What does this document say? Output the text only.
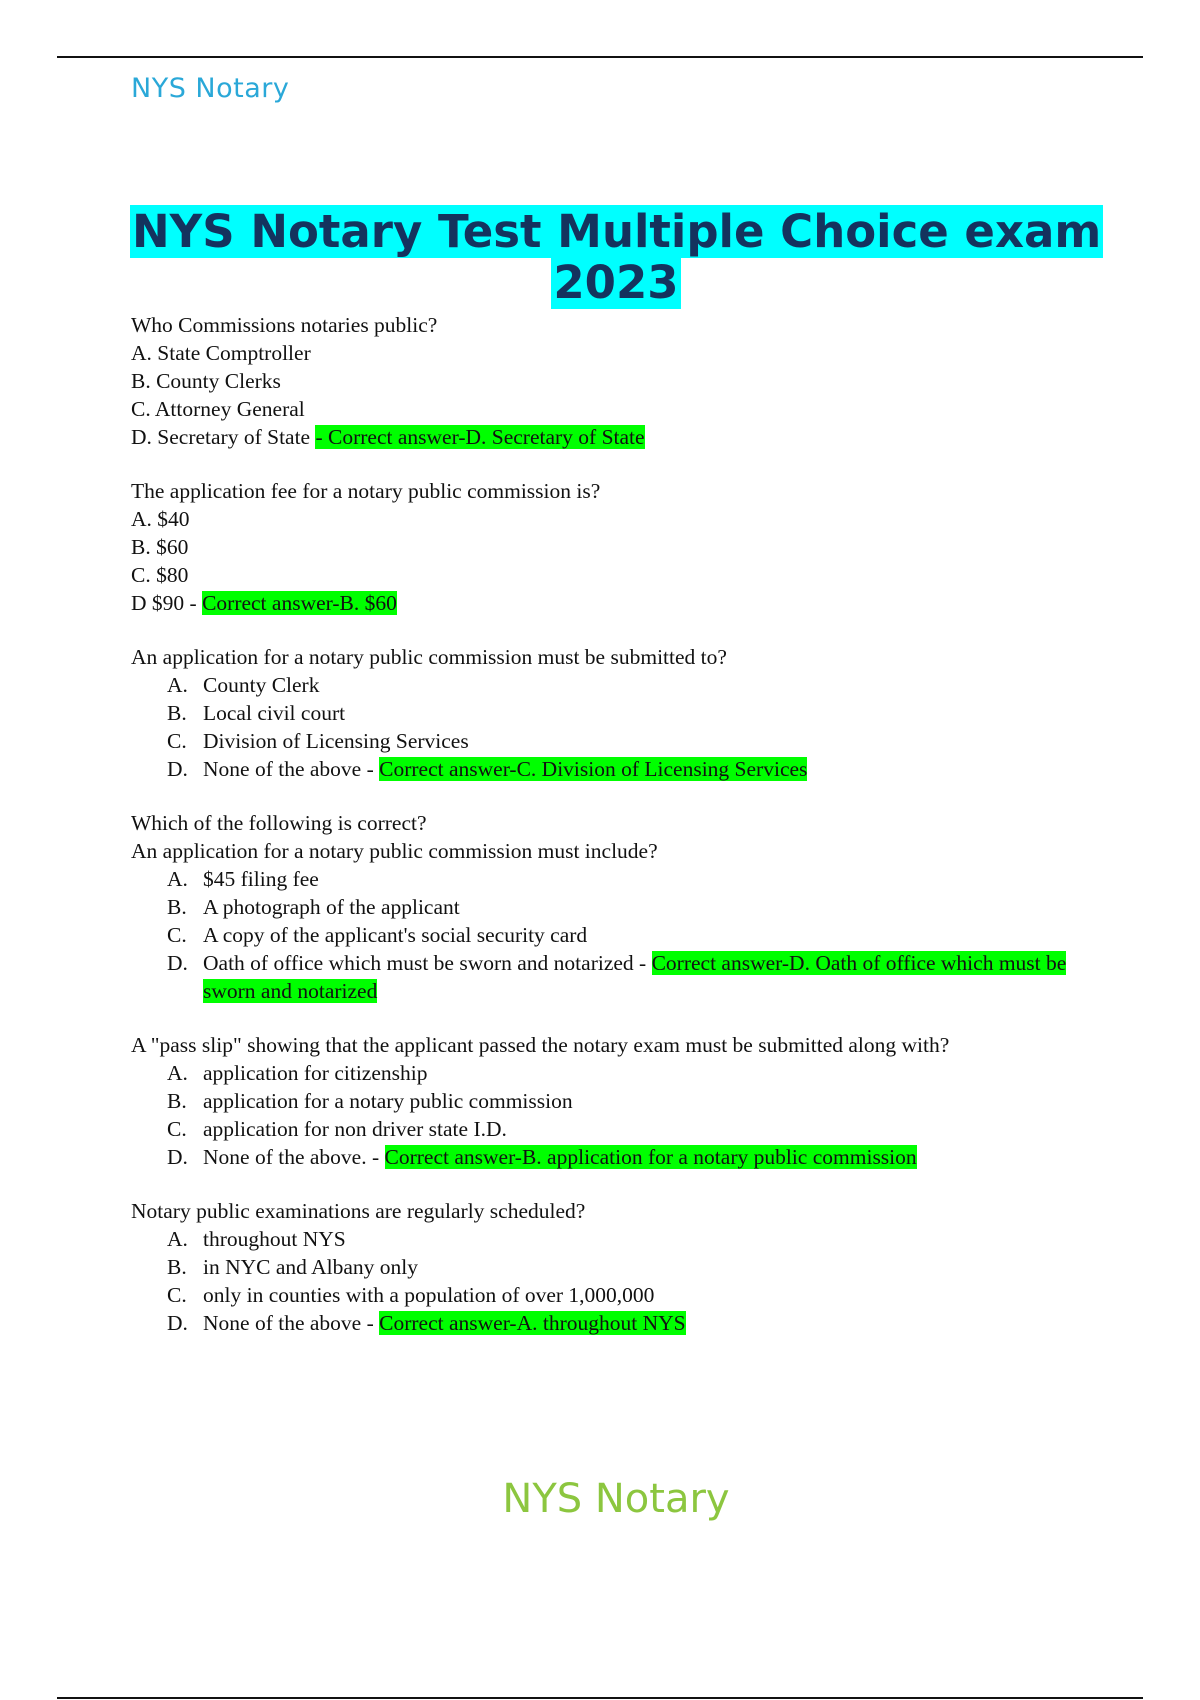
NYS Notary
NYS Notary Test Multiple Choice exam 2023
Who Commissions notaries public?
A. State Comptroller
B. County Clerks
C. Attorney General
D. Secretary of State - Correct answer-D. Secretary of State
The application fee for a notary public commission is?
A. $40
B. $60
C. $80
D $90 - Correct answer-B. $60
An application for a notary public commission must be submitted to?
A. County Clerk
B. Local civil court
C. Division of Licensing Services
D. None of the above - Correct answer-C. Division of Licensing Services
Which of the following is correct?
An application for a notary public commission must include?
A. $45 filing fee
B. A photograph of the applicant
C. A copy of the applicant's social security card
D. Oath of office which must be sworn and notarized - Correct answer-D. Oath of office which must be sworn and notarized
A "pass slip" showing that the applicant passed the notary exam must be submitted along with?
A. application for citizenship
B. application for a notary public commission
C. application for non driver state I.D.
D. None of the above. - Correct answer-B. application for a notary public commission
Notary public examinations are regularly scheduled?
A. throughout NYS
B. in NYC and Albany only
C. only in counties with a population of over 1,000,000
D. None of the above - Correct answer-A. throughout NYS
NYS Notary
